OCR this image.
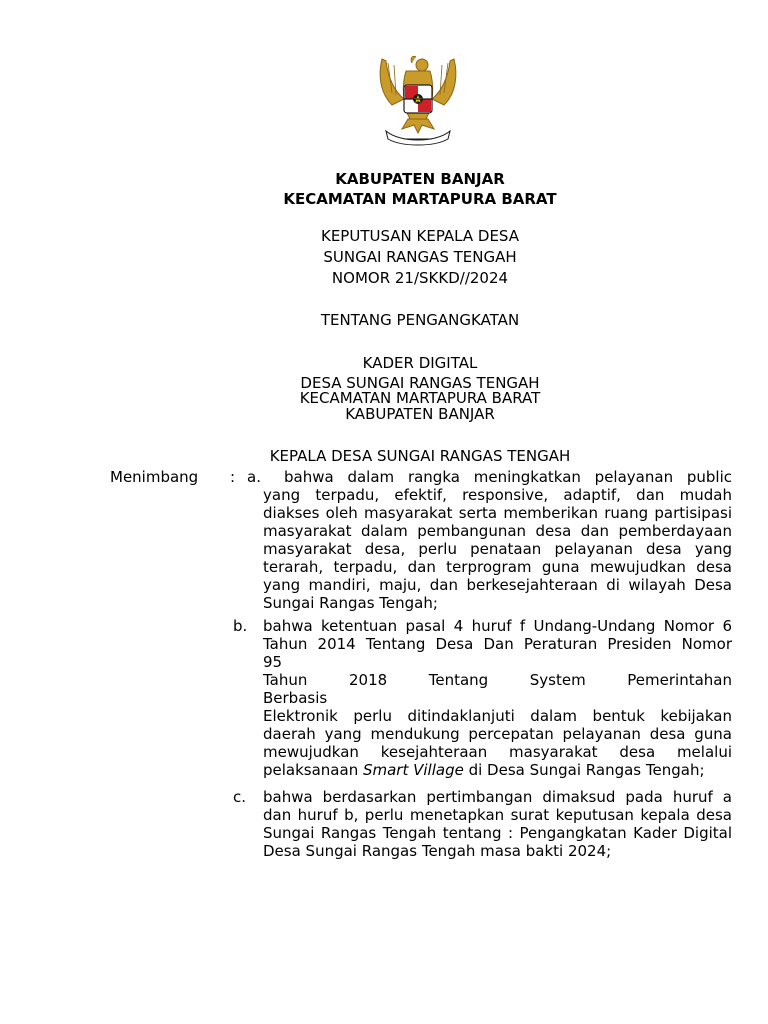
KABUPATEN BANJAR
KECAMATAN MARTAPURA BARAT
KEPUTUSAN KEPALA DESA
SUNGAI RANGAS TENGAH
NOMOR 21/SKKD//2024
TENTANG PENGANGKATAN
KADER DIGITAL
DESA SUNGAI RANGAS TENGAH
KECAMATAN MARTAPURA BARAT
KABUPATEN BANJAR
KEPALA DESA SUNGAI RANGAS TENGAH
Menimbang : a.	bahwa dalam rangka meningkatkan pelayanan public
yang terpadu, efektif, responsive, adaptif, dan mudah
diakses oleh masyarakat serta memberikan ruang partisipasi
masyarakat dalam pembangunan desa dan pemberdayaan
masyarakat desa, perlu penataan pelayanan desa yang
terarah, terpadu, dan terprogram guna mewujudkan desa
yang mandiri, maju, dan berkesejahteraan di wilayah Desa
Sungai Rangas Tengah;
b. bahwa ketentuan pasal 4 huruf f Undang-Undang Nomor 6
Tahun 2014 Tentang Desa Dan Peraturan Presiden Nomor
95
Tahun 2018 Tentang System Pemerintahan
Berbasis
Elektronik perlu ditindaklanjuti dalam bentuk kebijakan
daerah yang mendukung percepatan pelayanan desa guna
mewujudkan kesejahteraan masyarakat desa melalui
pelaksanaan Smart Village di Desa Sungai Rangas Tengah;
c. bahwa berdasarkan pertimbangan dimaksud pada huruf a
dan huruf b, perlu menetapkan surat keputusan kepala desa
Sungai Rangas Tengah tentang : Pengangkatan Kader Digital
Desa Sungai Rangas Tengah masa bakti 2024;
